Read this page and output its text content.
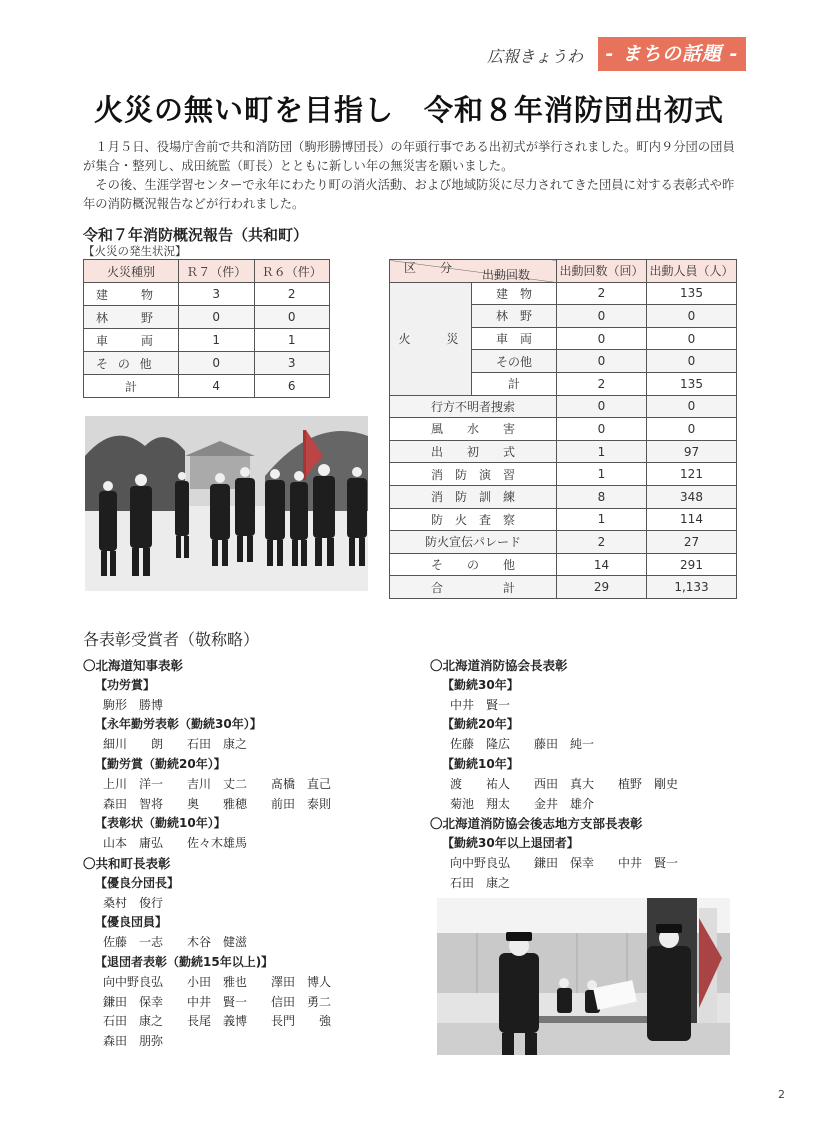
広報きょうわ	- まちの話題 -
火災の無い町を目指し　令和８年消防団出初式

１月５日、役場庁舎前で共和消防団（駒形勝博団長）の年頭行事である出初式が挙行されました。町内９分団の団員が集合・整列し、成田統監（町長）とともに新しい年の無災害を願いました。

その後、生涯学習センターで永年にわたり町の消火活動、および地域防災に尽力されてきた団員に対する表彰式や昨年の消防概況報告などが行われました。

令和７年消防概況報告（共和町）
【火災の発生状況】
火災種別	Ｒ７（件）	Ｒ６（件）
建　　物	3	2
林　　野	0	0
車　　両	1	1
そ の 他	0	3
計	4	6
出動回数
区　分		出動回数（回）	出動人員（人）
火　　災	建　物	2	135
	林　野	0	0
	車　両	0	0
	その他	0	0
	計	2	135
行方不明者捜索		0	0
風　　水　　害		0	0
出　　初　　式		1	97
消　防　演　習		1	121
消　防　訓　練		8	348
防　火　査　察		1	114
防火宣伝パレード		2	27
そ　　の　　他		14	291
合　　　　　計		29	1,133
各表彰受賞者（敬称略）
〇北海道知事表彰
【功労賞】
駒形　勝博
【永年勤労表彰（勤続30年）】
細川　　朗　　石田　康之
【勤労賞（勤続20年）】
上川　洋一　　吉川　丈二　　髙橋　直己
森田　智将　　奥　　雅穂　　前田　泰則
【表彰状（勤続10年）】
山本　庸弘　　佐々木雄馬
〇共和町長表彰
【優良分団長】
桑村　俊行
【優良団員】
佐藤　一志　　木谷　健滋
【退団者表彰（勤続15年以上)】
向中野良弘　　小田　雅也　　澤田　博人
鎌田　保幸　　中井　賢一　　信田　勇二
石田　康之　　長尾　義博　　長門　　強
森田　朋弥
〇北海道消防協会長表彰
【勤続30年】
中井　賢一
【勤続20年】
佐藤　隆広　　藤田　純一
【勤続10年】
渡　　祐人　　西田　真大　　植野　剛史
菊池　翔太　　金井　雄介
〇北海道消防協会後志地方支部長表彰
【勤続30年以上退団者】
向中野良弘　　鎌田　保幸　　中井　賢一
石田　康之
2
